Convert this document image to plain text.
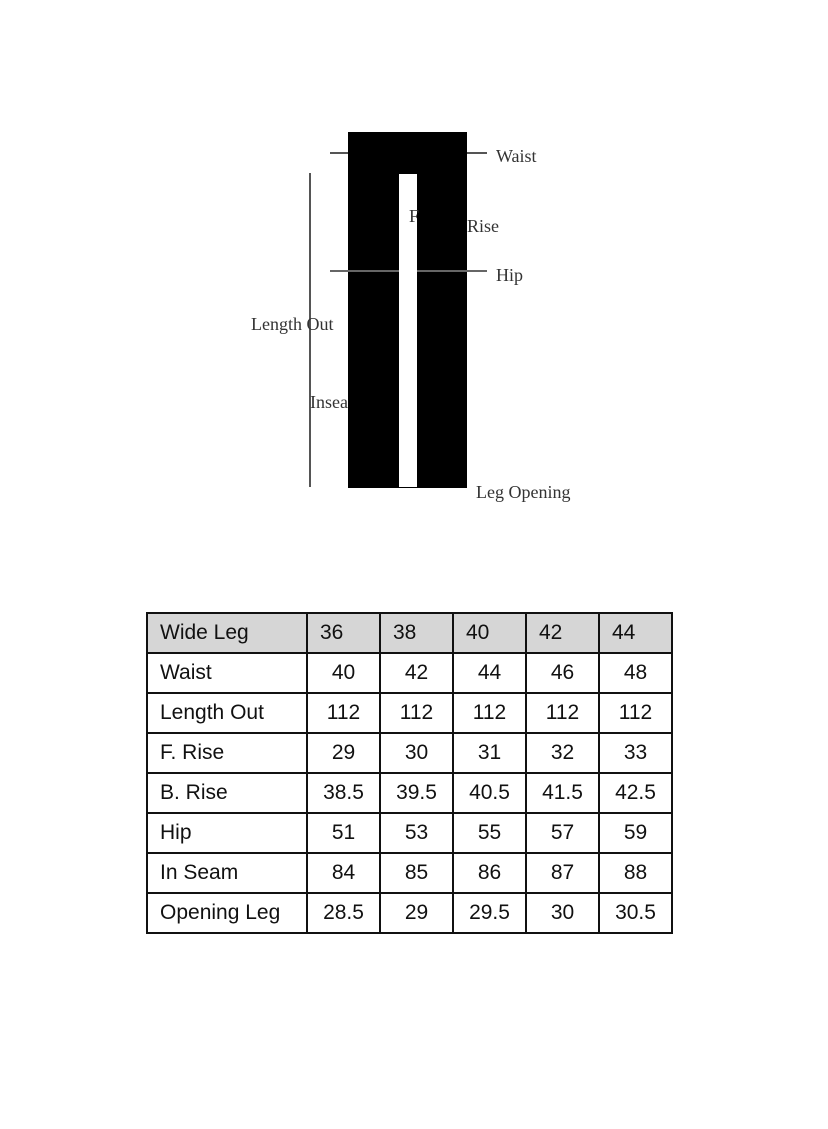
Waist
F	Rise
Hip
Length Out
Insea
Leg Opening
Wide Leg	36	38	40	42	44
Waist	40	42	44	46	48
Length Out	112	112	112	112	112
F. Rise	29	30	31	32	33
B. Rise	38.5	39.5	40.5	41.5	42.5
Hip	51	53	55	57	59
In Seam	84	85	86	87	88
Opening Leg	28.5	29	29.5	30	30.5
